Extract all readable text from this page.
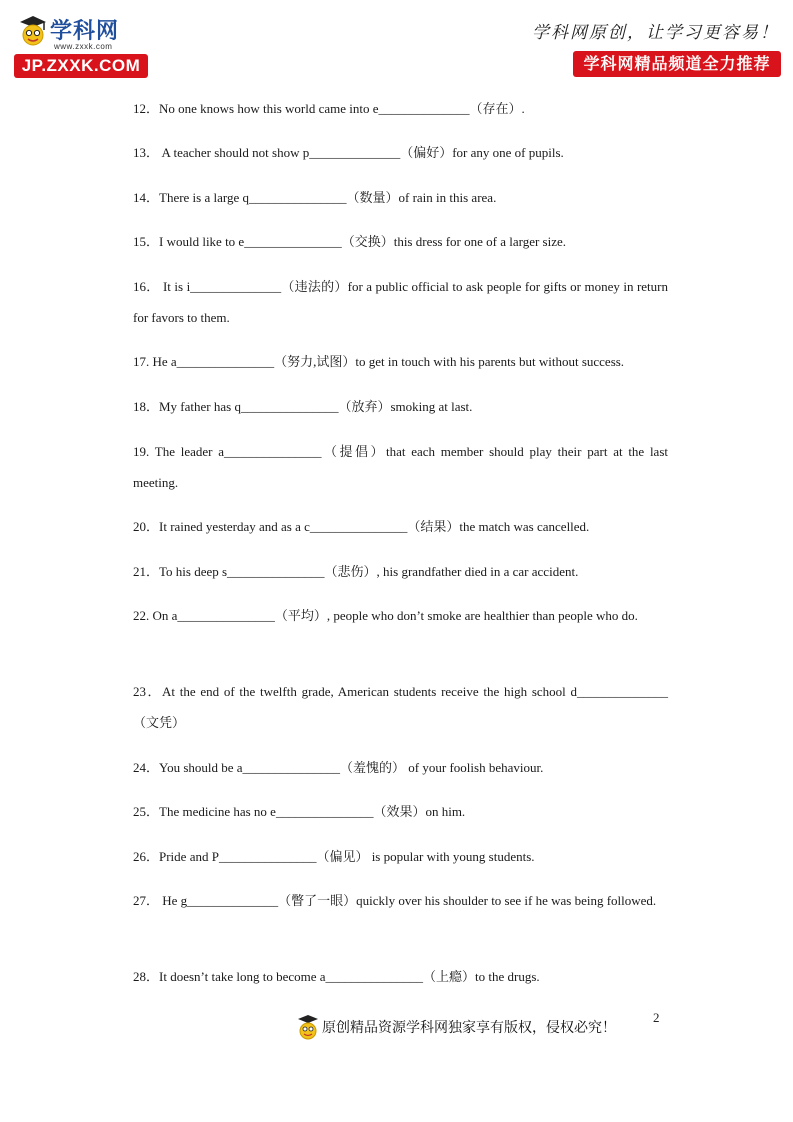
学科网
www.zxxk.com
JP.ZXXK.COM
学科网原创，让学习更容易！
学科网精品频道全力推荐

12．No one knows how this world came into e______________（存在）.

13． A teacher should not show p______________（偏好）for any one of pupils.

14．There is a large q_______________（数量）of rain in this area.

15．I would like to e_______________（交换）this dress for one of a larger size.

16． It is i______________（违法的）for a public official to ask people for gifts or money in return for favors to them.

17. He a_______________（努力,试图）to get in touch with his parents but without success.

18．My father has q_______________（放弃）smoking at last.

19. The leader a_______________（提倡）that each member should play their part at the last meeting.

20．It rained yesterday and as a c_______________（结果）the match was cancelled.

21．To his deep s_______________（悲伤）, his grandfather died in a car accident.

22. On a_______________（平均）, people who don’t smoke are healthier than people who do.

23．At the end of the twelfth grade, American students receive the high school d______________（文凭）

24．You should be a_______________（羞愧的） of your foolish behaviour.

25．The medicine has no e_______________（效果）on him.

26．Pride and P_______________（偏见） is popular with young students.

27． He g______________（瞥了一眼）quickly over his shoulder to see if he was being followed.

28．It doesn’t take long to become a_______________（上瘾）to the drugs.

2
原创精品资源学科网独家享有版权，侵权必究！
